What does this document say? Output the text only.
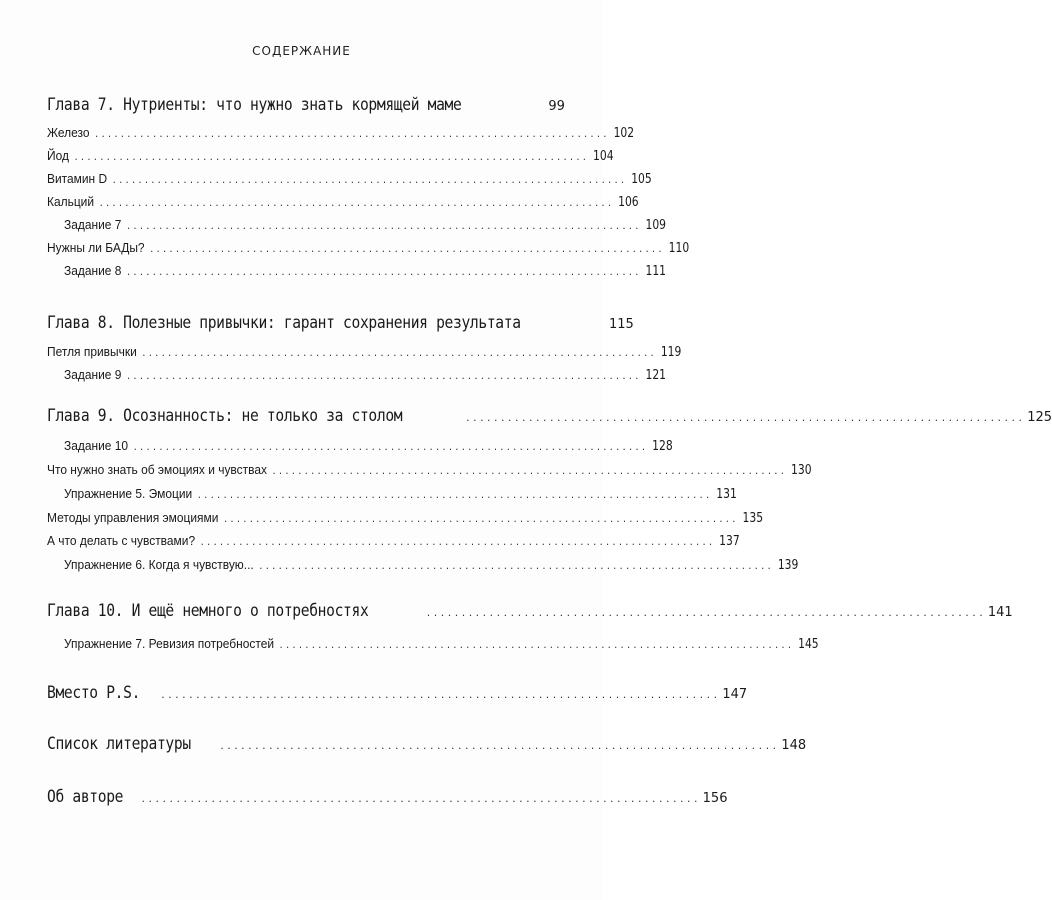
СОДЕРЖАНИЕ
Глава 7. Нутриенты: что нужно знать кормящей маме	99
Железо . . .	102
Йод . . .	104
Витамин D . . .	105
Кальций . . .	106
Задание 7 . . .	109
Нужны ли БАДы? . . .	110
Задание 8 . . .	111
Глава 8. Полезные привычки: гарант сохранения результата	115
Петля привычки . . .	119
Задание 9 . . .	121
Глава 9. Осознанность: не только за столом . . .	125
Задание 10 . . .	128
Что нужно знать об эмоциях и чувствах . . .	130
Упражнение 5. Эмоции . . .	131
Методы управления эмоциями . . .	135
А что делать с чувствами? . . .	137
Упражнение 6. Когда я чувствую... . . .	139
Глава 10. И ещё немного о потребностях . . .	141
Упражнение 7. Ревизия потребностей . . .	145
Вместо P.S. . . .	147
Список литературы . . .	148
Об авторе . . .	156
